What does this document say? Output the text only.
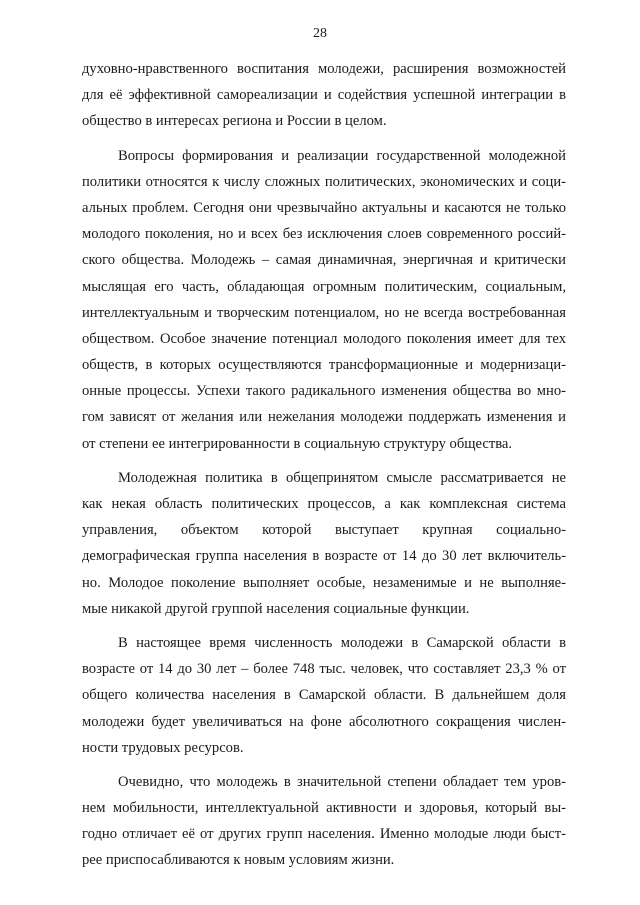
28
духовно-нравственного воспитания молодежи, расширения возможностей
для её эффективной самореализации и содействия успешной интеграции в
общество в интересах региона и России в целом.
Вопросы формирования и реализации государственной молодежной
политики относятся к числу сложных политических, экономических и соци-
альных проблем. Сегодня они чрезвычайно актуальны и касаются не только
молодого поколения, но и всех без исключения слоев современного россий-
ского общества. Молодежь – самая динамичная, энергичная и критически
мыслящая его часть, обладающая огромным политическим, социальным,
интеллектуальным и творческим потенциалом, но не всегда востребованная
обществом. Особое значение потенциал молодого поколения имеет для тех
обществ, в которых осуществляются трансформационные и модернизаци-
онные процессы. Успехи такого радикального изменения общества во мно-
гом зависят от желания или нежелания молодежи поддержать изменения и
от степени ее интегрированности в социальную структуру общества.
Молодежная политика в общепринятом смысле рассматривается не
как некая область политических процессов, а как комплексная система
управления, объектом которой выступает крупная социально-
демографическая группа населения в возрасте от 14 до 30 лет включитель-
но. Молодое поколение выполняет особые, незаменимые и не выполняе-
мые никакой другой группой населения социальные функции.
В настоящее время численность молодежи в Самарской области в
возрасте от 14 до 30 лет – более 748 тыс. человек, что составляет 23,3 % от
общего количества населения в Самарской области. В дальнейшем доля
молодежи будет увеличиваться на фоне абсолютного сокращения числен-
ности трудовых ресурсов.
Очевидно, что молодежь в значительной степени обладает тем уров-
нем мобильности, интеллектуальной активности и здоровья, который вы-
годно отличает её от других групп населения. Именно молодые люди быст-
рее приспосабливаются к новым условиям жизни.
